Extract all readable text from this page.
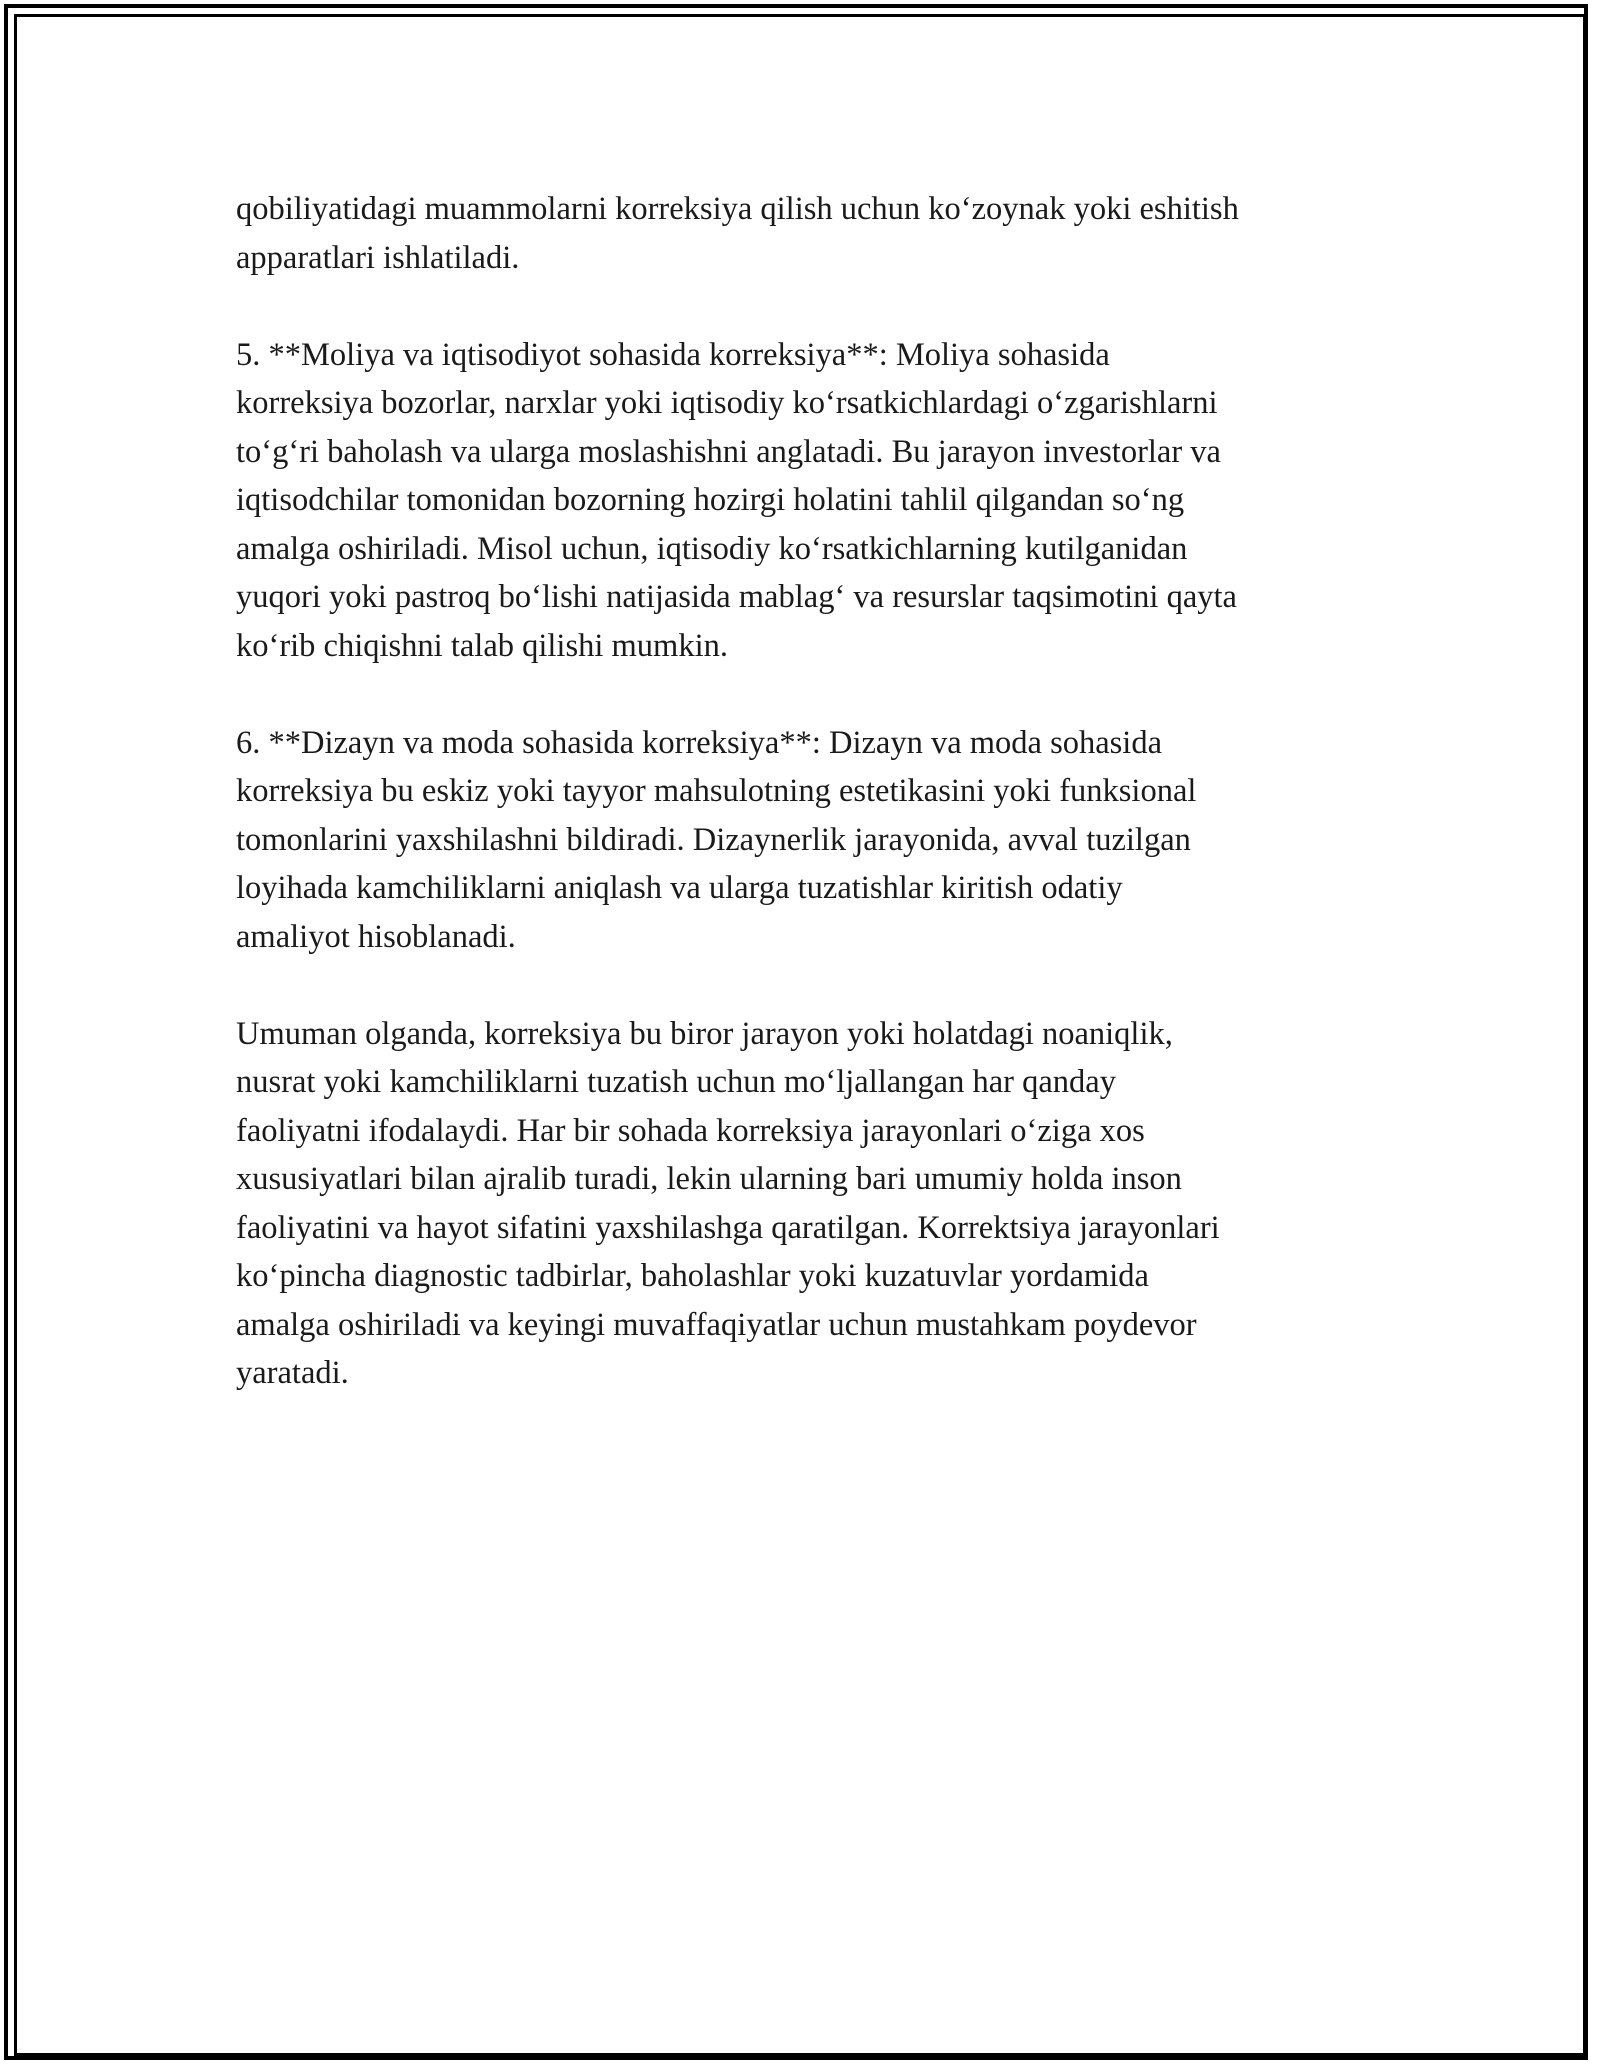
qobiliyatidagi muammolarni korreksiya qilish uchun ko‘zoynak yoki eshitish
apparatlari ishlatiladi.

5. **Moliya va iqtisodiyot sohasida korreksiya**: Moliya sohasida
korreksiya bozorlar, narxlar yoki iqtisodiy ko‘rsatkichlardagi o‘zgarishlarni
to‘g‘ri baholash va ularga moslashishni anglatadi. Bu jarayon investorlar va
iqtisodchilar tomonidan bozorning hozirgi holatini tahlil qilgandan so‘ng
amalga oshiriladi. Misol uchun, iqtisodiy ko‘rsatkichlarning kutilganidan
yuqori yoki pastroq bo‘lishi natijasida mablag‘ va resurslar taqsimotini qayta
ko‘rib chiqishni talab qilishi mumkin.

6. **Dizayn va moda sohasida korreksiya**: Dizayn va moda sohasida
korreksiya bu eskiz yoki tayyor mahsulotning estetikasini yoki funksional
tomonlarini yaxshilashni bildiradi. Dizaynerlik jarayonida, avval tuzilgan
loyihada kamchiliklarni aniqlash va ularga tuzatishlar kiritish odatiy
amaliyot hisoblanadi.

Umuman olganda, korreksiya bu biror jarayon yoki holatdagi noaniqlik,
nusrat yoki kamchiliklarni tuzatish uchun mo‘ljallangan har qanday
faoliyatni ifodalaydi. Har bir sohada korreksiya jarayonlari o‘ziga xos
xususiyatlari bilan ajralib turadi, lekin ularning bari umumiy holda inson
faoliyatini va hayot sifatini yaxshilashga qaratilgan. Korrektsiya jarayonlari
ko‘pincha diagnostic tadbirlar, baholashlar yoki kuzatuvlar yordamida
amalga oshiriladi va keyingi muvaffaqiyatlar uchun mustahkam poydevor
yaratadi.
